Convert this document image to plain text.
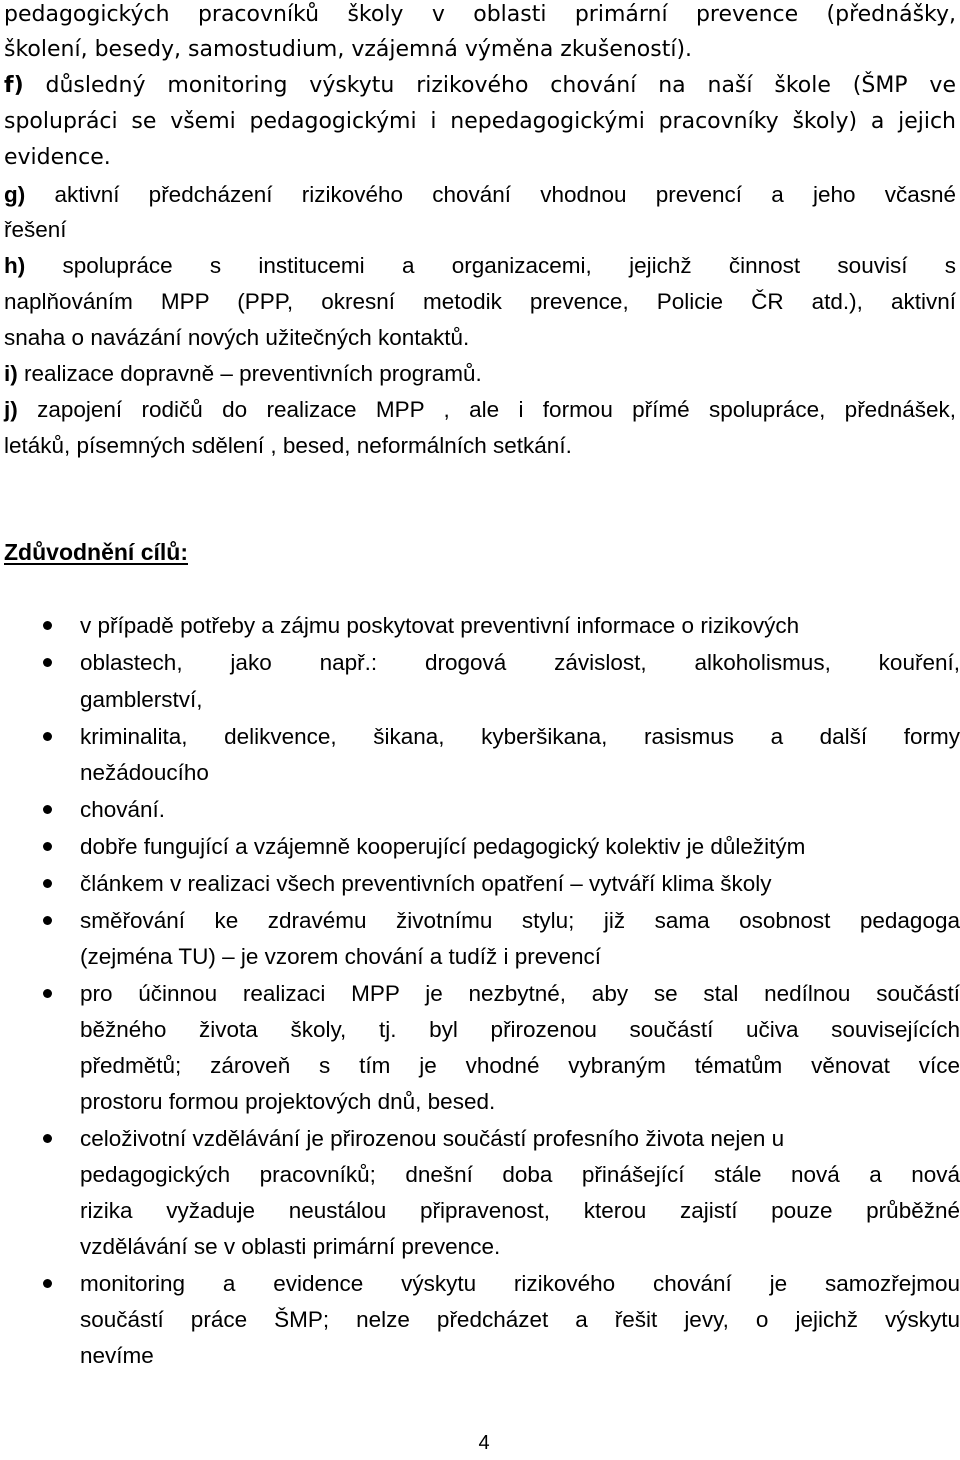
pedagogických pracovníků školy v oblasti primární prevence (přednášky,
školení, besedy, samostudium, vzájemná výměna zkušeností).
f) důsledný monitoring výskytu rizikového chování na naší škole (ŠMP ve
spolupráci se všemi pedagogickými i nepedagogickými pracovníky školy) a jejich
evidence.
g) aktivní předcházení rizikového chování vhodnou prevencí a jeho včasné
řešení
h) spolupráce s institucemi a organizacemi, jejichž činnost souvisí s
naplňováním MPP (PPP, okresní metodik prevence, Policie ČR atd.), aktivní
snaha o navázání nových užitečných kontaktů.
i) realizace dopravně – preventivních programů.
j) zapojení rodičů do realizace MPP , ale i formou přímé spolupráce, přednášek,
letáků, písemných sdělení , besed, neformálních setkání.
Zdůvodnění cílů:
v případě potřeby a zájmu poskytovat preventivní informace o rizikových
oblastech, jako např.: drogová závislost, alkoholismus, kouření,
gamblerství,
kriminalita, delikvence, šikana, kyberšikana, rasismus a další formy
nežádoucího
chování.
dobře fungující a vzájemně kooperující pedagogický kolektiv je důležitým
článkem v realizaci všech preventivních opatření – vytváří klima školy
směřování ke zdravému životnímu stylu; již sama osobnost pedagoga
(zejména TU) – je vzorem chování a tudíž i prevencí
pro účinnou realizaci MPP je nezbytné, aby se stal nedílnou součástí
běžného života školy, tj. byl přirozenou součástí učiva souvisejících
předmětů; zároveň s tím je vhodné vybraným tématům věnovat více
prostoru formou projektových dnů, besed.
celoživotní vzdělávání je přirozenou součástí profesního života nejen u
pedagogických pracovníků; dnešní doba přinášející stále nová a nová
rizika vyžaduje neustálou připravenost, kterou zajistí pouze průběžné
vzdělávání se v oblasti primární prevence.
monitoring a evidence výskytu rizikového chování je samozřejmou
součástí práce ŠMP; nelze předcházet a řešit jevy, o jejichž výskytu
nevíme
4
